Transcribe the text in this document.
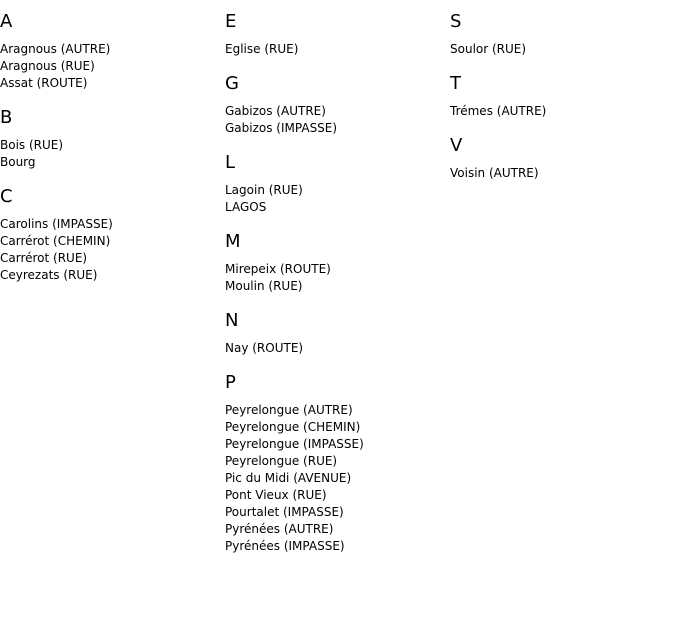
A
Aragnous (AUTRE)
Aragnous (RUE)
Assat (ROUTE)
B
Bois (RUE)
Bourg
C
Carolins (IMPASSE)
Carrérot (CHEMIN)
Carrérot (RUE)
Ceyrezats (RUE)
E
Eglise (RUE)
G
Gabizos (AUTRE)
Gabizos (IMPASSE)
L
Lagoin (RUE)
LAGOS
M
Mirepeix (ROUTE)
Moulin (RUE)
N
Nay (ROUTE)
P
Peyrelongue (AUTRE)
Peyrelongue (CHEMIN)
Peyrelongue (IMPASSE)
Peyrelongue (RUE)
Pic du Midi (AVENUE)
Pont Vieux (RUE)
Pourtalet (IMPASSE)
Pyrénées (AUTRE)
Pyrénées (IMPASSE)
S
Soulor (RUE)
T
Trémes (AUTRE)
V
Voisin (AUTRE)
